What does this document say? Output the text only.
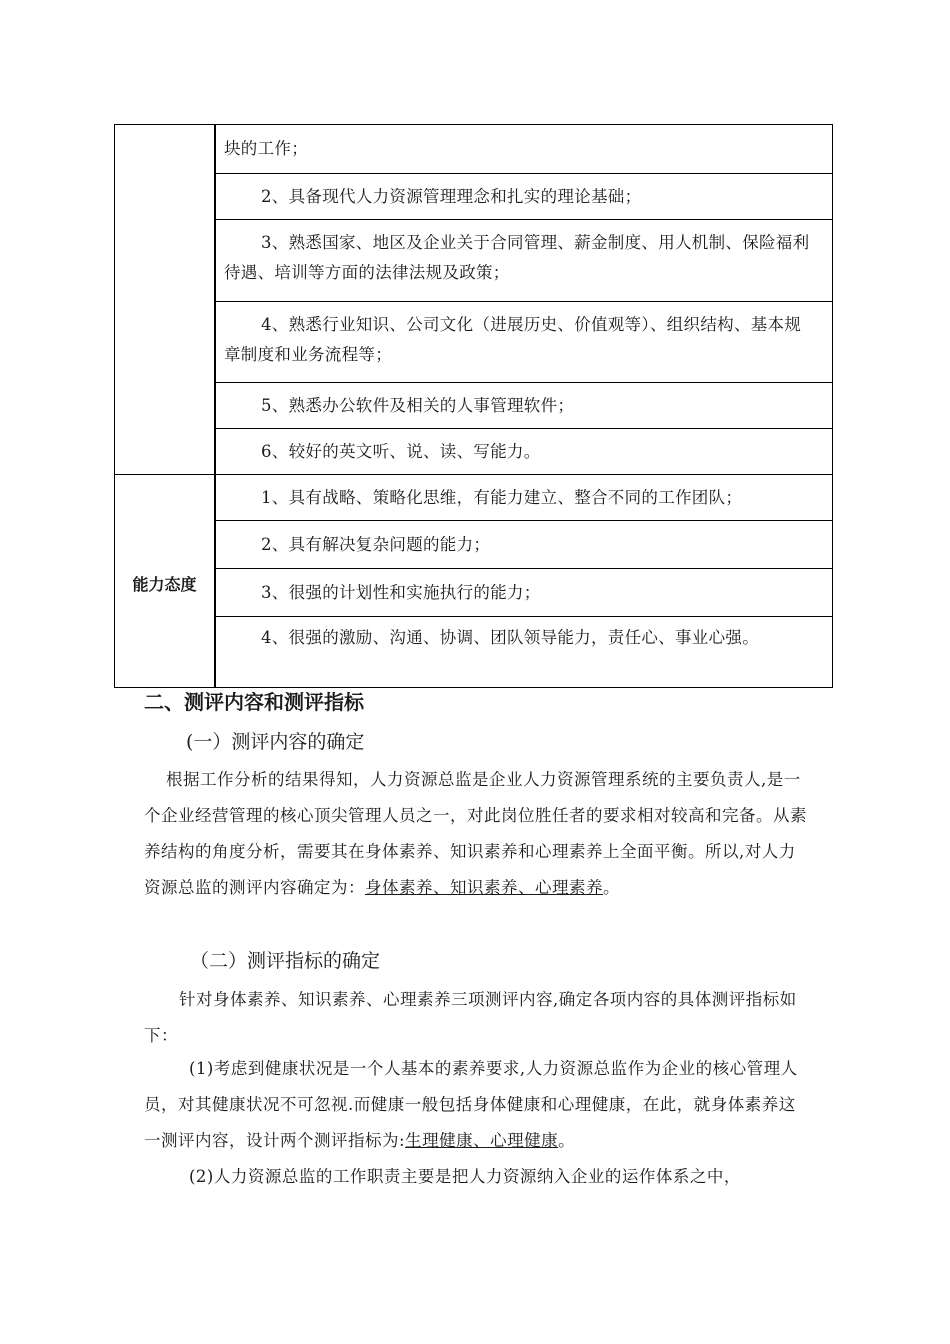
块的工作；
2、具备现代人力资源管理理念和扎实的理论基础；
3、熟悉国家、地区及企业关于合同管理、薪金制度、用人机制、保险福利待遇、培训等方面的法律法规及政策；
4、熟悉行业知识、公司文化（进展历史、价值观等）、组织结构、基本规章制度和业务流程等；
5、熟悉办公软件及相关的人事管理软件；
6、较好的英文听、说、读、写能力。
能力态度
1、具有战略、策略化思维，有能力建立、整合不同的工作团队；
2、具有解决复杂问题的能力；
3、很强的计划性和实施执行的能力；
4、很强的激励、沟通、协调、团队领导能力，责任心、事业心强。
二、测评内容和测评指标
(一）测评内容的确定
根据工作分析的结果得知，人力资源总监是企业人力资源管理系统的主要负责人,是一个企业经营管理的核心顶尖管理人员之一，对此岗位胜任者的要求相对较高和完备。从素养结构的角度分析，需要其在身体素养、知识素养和心理素养上全面平衡。所以,对人力资源总监的测评内容确定为：身体素养、知识素养、心理素养。
（二）测评指标的确定
针对身体素养、知识素养、心理素养三项测评内容,确定各项内容的具体测评指标如下：
(1)考虑到健康状况是一个人基本的素养要求,人力资源总监作为企业的核心管理人员，对其健康状况不可忽视.而健康一般包括身体健康和心理健康，在此，就身体素养这一测评内容，设计两个测评指标为:生理健康、心理健康。
(2)人力资源总监的工作职责主要是把人力资源纳入企业的运作体系之中，
